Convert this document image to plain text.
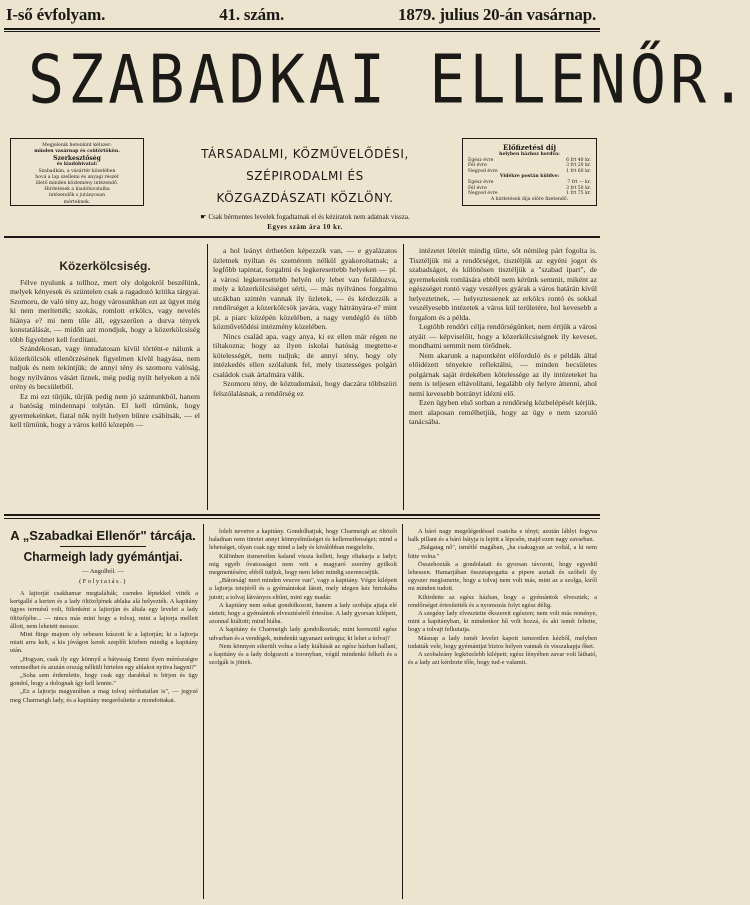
I-ső évfolyam.	41. szám.	1879. julius 20-án vasárnap.
SZABADKAI ELLENŐR.
Megjelenik hetenkint kétszer:
minden vasárnap és csütörtökön.
Szerkesztőség
és kiadóhivatal:
Szabadkán, a vásártér közelében
hová a lap szellemi és anyagi részét
illető minden közlemény intézendő.
Hirdetések a kiadóhivatalba
intézendők s jutányosan
mérteknek.
TÁRSADALMI, KÖZMŰVELŐDÉSI, SZÉPIRODALMI ÉS
KÖZGAZDÁSZATI KÖZLÖNY.
Előfizetési díj
helyben házhoz hordva:
Egész évre	6 frt 40 kr.
Fél évre	3 frt 20 kr.
Negyed évre	1 frt 60 kr.
Vidékre postán küldve:
Egész évre	7 frt — kr.
Fél évre	3 frt 50 kr.
Negyed évre	1 frt 75 kr.
A hirdetések díja előre fizetendő.
☛ Csak bérmentes levelek fogadtatnak el és kéziratok nem adatnak vissza.
Egyes szám ára 10 kr.
Közerkölcsiség.

Félve nyulunk a tollhoz, mert oly dolgokról beszélünk, melyek kényesek és szüntelen csak a ragadozó kritika tárgyai. Szomoru, de való tény az, hogy városunkban ezt az ügyet még ki nem merítették; szokás, romlott erkölcs, vagy nevelés hiánya e? mi nem tőle áll, egyszerűen a durva tények konstatálását, — midőn azt mondjuk, hogy a közerkölcsiség több figyelmet kell fordítani.

Szándékosan, vagy öntudatosan kívül történt-e nálunk a közerkölcsök ellenőrzésének figyelmen kívül hagyása, nem tudjuk és nem tekintjük; de annyi tény és szomoru valóság, hogy nyilvános vásárt űznek, még pedig nyilt helyeken a női erény és becsületből.

Ez mi ezt tűrjük, tűrjük pedig nem jó szántunkból, hanem a hatóság mindennapi tolytán. El kell tűrnünk, hogy gyermekeinket, fiatal nők nyilt helyen bűnre csábítsák, — el kell tűrnünk, hogy a város kellő közepén —

a hol leányt érthetően képezzék van, — e gyalázatos üzletnek nyiltan és szemérem nélkül gyakoroltatnak; a legfőbb tapintat, forgalmi és legkeresettebb helyeken — pl. a városi legkeresettebb helyén oly lebet van feláldozva, mely a közerkölcsiséget sérti, — más nyilvános forgalmu utcákban szintén vannak ily üzletek, — és kérdezzük a rendőrséget a közerkölcsök javára, vagy hátrányára-e? mint pl. a piarc középén közelében, a nagy vendéglő és több közművelődési intézmény közelében.

Nincs család apa, vagy anya, ki ez ellen már régen ne tiltakozna; hogy az ilyen iskolai hatóság megtette-e kötelességét, nem tudjuk; de annyi tény, hogy oly intézkedés ellen szólalunk fel, mely tisztességes polgári családok csak ártalmára válik.

Szomoru tény, de köztudomású, hogy daczára többszöri felszólalásnak, a rendőrség ez

intézetet lételét mindig tűrte, sőt némileg párt fogolta is. Tisztéljük mi a rendőrséget, tisztéljük az egyéni jogot és szabadságot, és különösen tisztéljük a "szabad ipart", de gyermekeink romlására ebből nem kérünk semmit, miként az egészséget rontó vagy veszélyes gyárak a város határán kívül helyeztetnek, — helyeztessenek az erkölcs rontó és sokkal veszélyesebb intézetek a város kül területére, hol kevesebb a forgalom és a példa.

Legtöbb rendőri célja rendőrségünket, nem értjük a városi atyáit — képviselőit, hogy a közerkölcsiségnek ily keveset, mondhatni semmit nem törődnek.

Nem akarunk a napontként előforduló és e példák által előidézett tényekre reflektálni, — minden becsületes polgárnak saját érdekében kötelessége az ily intézeteket ha nem is teljesen eltávolítani, legalább oly helyre áttenni, ahol nemi kevesebb botrányt idézni elő.

Ezen ügyben első sorban a rendőrség közbelépését kérjük, mert alaposan remélhetjük, hogy az ügy e nem szoruló tanácsába.

A „Szabadkai Ellenőr" tárcája.
Charmeigh lady gyémántjai.
— Angolból. —
(Folytatás.)

A lajtorját csakhamar megtalálták; csendes léptekkel vitték a kertgallé a kerten és a lady öltözőjének ablaka alá helyezték. A kapitány ügyes termésű volt, fülenként a lajtorján és általa egy levelet a lady öltözőjébe... — nincs más mint hogy a tolvaj, mint a lajtorja mellett állott, nem lehetett messze.

Mint fürge majom oly sebesen kúszott le a lajtorján; ki a lajtorja miatt arra kelt, a kis jóvágon kerek szeplőt közben mindig a kapitány után.

„Hogyan, csak ily egy könnyű a bátyuság Emmi ilyen mérészségre vetemedhet és azután ország nélküli hirtelen egy ablakot nyitva hagyni?"

„Soha sem érdemlette, hogy csak egy darabkal is birjon és ügy gondol, hogy a dolognak így kell lennie."

„Ez a lajtorja magyarában a mag tolvaj sérthatatlan is", — jegyzé meg Charmeigh lady, és a kapitány megerősítette a mondottakat.

lolelt nevetve a kapitány. Gondolhatjuk, hogy Charmeigh az öltözői haladnan nem türetet annyi könnyelműséget és kellemetlenséget; mind a lehetséget, olyan csak egy mind a lady és kiválóbban megjelelte.

Különben iismeretlen kaland vissza kellett, hogy eltakarja a ladyt; mig egyéb óvatosságot nem vett a magyaró szerény gyilkolt megmentésére; ebből tudjuk, hogy nem lehet mindig szerencséjük.

„Bátorság! mert minden veszve van", vagy a kapitány. Végre kilépett a lajtorja tetejéről és a gyémántokat látott, mely idegen kéz birtokába jutott; a tolvaj látványos eltűnt, mint egy madár.

A kapitány nem sokat gondolkozott, hanem a lady szobája ajtaja elé sietett; hogy a gyémántok elvesztéséről értesítse. A lady gyorsan kilépett, azonnal kiáltott; mind hiába.

A kapitány és Charmeigh lady gondolkoztak; mint keresztül egész udvarban és a vendégek, mindenki ugyanazt suttogta; ki lehet a tolvaj?

Nem könnyen sikerült volna a lady kiáltását az egész házban hallani, a kapitány és a lady dolgozott a toronyban, végül mindenki felkelt és a szolgák is jöttek.

A báró nagy megelégedéssel csatolta e tényt; azután láblyi fogyva halk pillant és a báró bátyja is lejött a lépcsőn, majd ezen nagy zavarban.

„Balgatag nő", ismétlé magában, „ha csakugyan az voltál, a ki nem hitte volna."

Összehozták a gondolatait és gyorsan távozott, hogy egyedül lehessen. Hamarjában összetapogatta a pipere asztalt és szóbeli ily egyszer megismerte, hogy a tolvaj nem volt más, mint az a szolga, kiről mi minden tudott.

Kihirdette az egész házban, hogy a gyémántok elvesztek; a rendőrséget értesítették és a nyomozás folyt egész délig.

A szegény lady elvesztette ékszereit egészen; nem volt más reménye, mint a kapitányban, ki mindenkor hű volt hozzá, és aki ismét feltette, hogy a tolvajt felkutatja.

Másnap a lady ismét levelet kapott ismeretlen kézből, melyben tudatták vele, hogy gyémántjai biztos helyen vannak és visszakapja őket.

A szobaleány legközelebb kilépett; egész lényében zavar volt látható, és a lady azt kérdezte tőle, hogy tud-e valamit.
